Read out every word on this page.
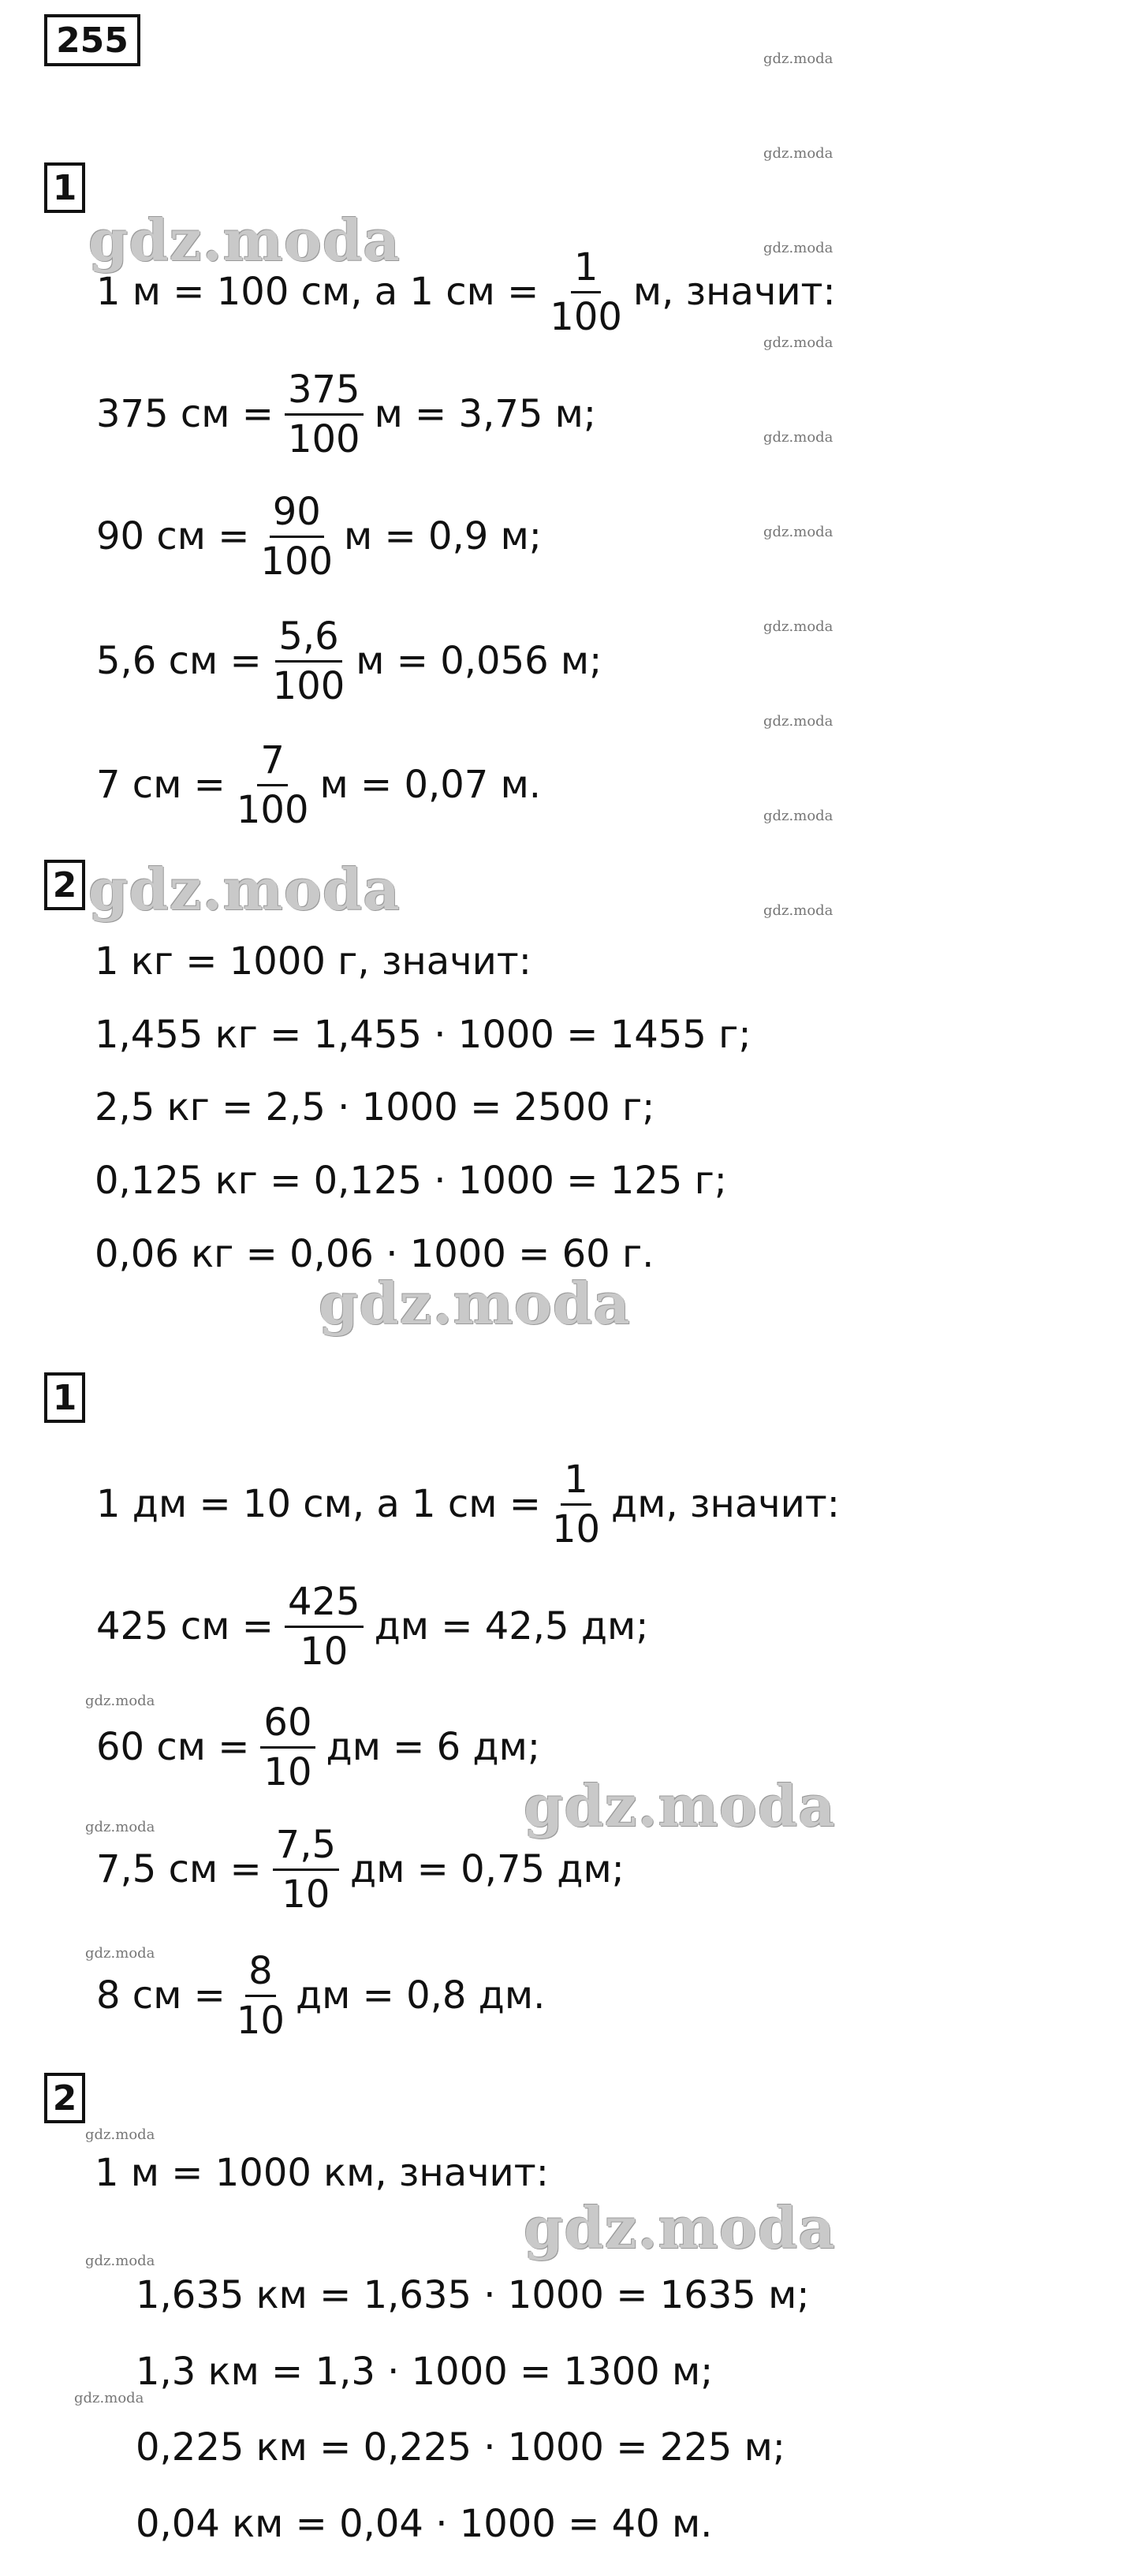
255	gdz.moda
gdz.moda
gdz.moda
gdz.moda
gdz.moda
gdz.moda
gdz.moda
gdz.moda
gdz.moda
gdz.moda
gdz.moda
gdz.moda
gdz.moda
gdz.moda
gdz.moda
gdz.moda
gdz.moda
gdz.moda
gdz.moda
gdz.moda
gdz.moda
1
1 м = 100 см, а 1 см = $\frac{1}{100} м$, значит:
375 см = $\frac{375}{100}$ м = 3,75 м;
90 см = $\frac{90}{100}$ м = 0,9 м;
5,6 см = $\frac{5,6}{100}$ м = 0,056 м;
7 см = $\frac{7}{100}$ м = 0,07 м.
2
1 кг = 1000 г, значит:
1,455 кг = 1,455 · 1000 = 1455 г;
2,5 кг = 2,5 · 1000 = 2500 г;
0,125 кг = 0,125 · 1000 = 125 г;
0,06 кг = 0,06 · 1000 = 60 г.
1
1 дм = 10 см, а 1 см = $\frac{1}{10}$ дм, значит:
425 см = $\frac{425}{10}$ дм = 42,5 дм;
60 см = $\frac{60}{10}$ дм = 6 дм;
7,5 см = $\frac{7,5}{10}$ дм = 0,75 дм;
8 см = $\frac{8}{10}$ дм = 0,8 дм.
2
1 м = 1000 км, значит:
1,635 км = 1,635 · 1000 = 1635 м;
1,3 км = 1,3 · 1000 = 1300 м;
0,225 км = 0,225 · 1000 = 225 м;
0,04 км = 0,04 · 1000 = 40 м.
